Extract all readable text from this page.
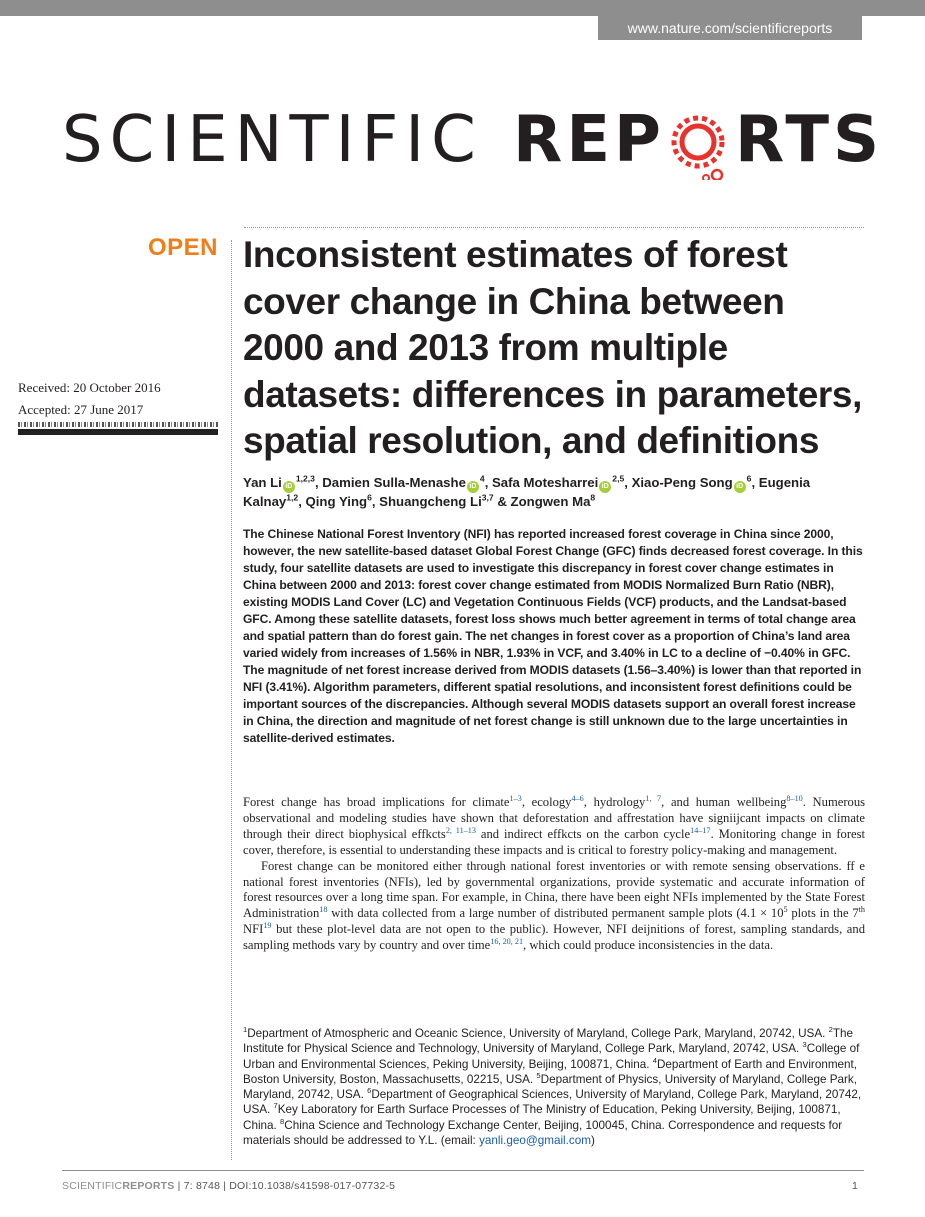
www.nature.com/scientificreports
SCIENTIFIC REP RTS
OPEN
Received: 20 October 2016
Accepted: 27 June 2017
Inconsistent estimates of forest cover change in China between 2000 and 2013 from multiple datasets: differences in parameters, spatial resolution, and definitions
Yan Li iD$^{1,2,3}$, Damien Sulla-Menashe $iD^4$, Safa Motesharrei iD$^{2,5}$, Xiao-Peng Song $iD^6$, Eugenia Kalnay$^{1,2}$, Qing Ying$^6$, Shuangcheng Li$^{3,7}$ & Zongwen Ma$^8$
The Chinese National Forest Inventory (NFI) has reported increased forest coverage in China since 2000, however, the new satellite-based dataset Global Forest Change (GFC) finds decreased forest coverage. In this study, four satellite datasets are used to investigate this discrepancy in forest cover change estimates in China between 2000 and 2013: forest cover change estimated from MODIS Normalized Burn Ratio (NBR), existing MODIS Land Cover (LC) and Vegetation Continuous Fields (VCF) products, and the Landsat-based GFC. Among these satellite datasets, forest loss shows much better agreement in terms of total change area and spatial pattern than do forest gain. The net changes in forest cover as a proportion of China’s land area varied widely from increases of 1.56% in NBR, 1.93% in VCF, and 3.40% in LC to a decline of −0.40% in GFC. The magnitude of net forest increase derived from MODIS datasets (1.56–3.40%) is lower than that reported in NFI (3.41%). Algorithm parameters, different spatial resolutions, and inconsistent forest definitions could be important sources of the discrepancies. Although several MODIS datasets support an overall forest increase in China, the direction and magnitude of net forest change is still unknown due to the large uncertainties in satellite-derived estimates.

Forest change has broad implications for climate$^{1-3}$, ecology$^{4-6}$, hydrology$^{1, 7}$, and human wellbeing$^{8-10}$. Numerous observational and modeling studies have shown that deforestation and affrestation have signiijcant impacts on climate through their direct biophysical effkcts$^{2, 11-13}$ and indirect effkcts on the carbon cycle$^{14-17}$. Monitoring change in forest cover, therefore, is essential to understanding these impacts and is critical to forestry policy-making and management.

Forest change can be monitored either through national forest inventories or with remote sensing observations. ff e national forest inventories (NFIs), led by governmental organizations, provide systematic and accurate information of forest resources over a long time span. For example, in China, there have been eight NFIs implemented by the State Forest Administration$^{18}$ with data collected from a large number of distributed permanent sample plots ($4.1 \times 10^5$ plots in the 7th NFI$^{19}$ but these plot-level data are not open to the public). However, NFI deijnitions of forest, sampling standards, and sampling methods vary by country and over time$^{16, 20, 21}$, which could produce inconsistencies in the data.

$^1$Department of Atmospheric and Oceanic Science, University of Maryland, College Park, Maryland, 20742, USA. $^2$The Institute for Physical Science and Technology, University of Maryland, College Park, Maryland, 20742, USA. $^3$College of Urban and Environmental Sciences, Peking University, Beijing, 100871, China. $^4$Department of Earth and Environment, Boston University, Boston, Massachusetts, 02215, USA. $^5$Department of Physics, University of Maryland, College Park, Maryland, 20742, USA. $^6$Department of Geographical Sciences, University of Maryland, College Park, Maryland, 20742, USA. $^7$Key Laboratory for Earth Surface Processes of The Ministry of Education, Peking University, Beijing, 100871, China. $^8$China Science and Technology Exchange Center, Beijing, 100045, China. Correspondence and requests for materials should be addressed to Y.L. (email: yanli.geo@gmail.com)
SCIENTIFICREPORTS | 7: 8748 | DOI:10.1038/s41598-017-07732-5	1
